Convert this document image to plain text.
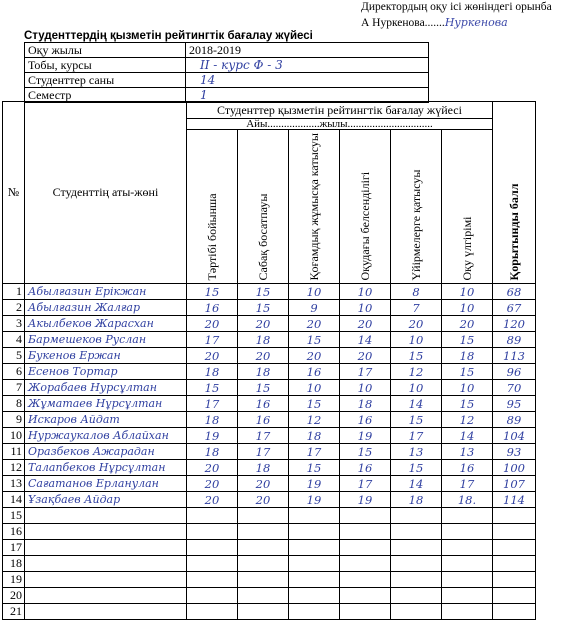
Директордың оқу ісі жөніндегі орынба
А Нуркенова.......Нуркенова
Студенттердің қызметін рейтингтік бағалау жүйесі
Оқу жылы	2018-2019
Тобы, курсы	II - курс Ф - 3
Студенттер саны	14
Семестр	1
№	Студенттің аты-жөні	Студенттер қызметін рейтингтік бағалау жүйесі						Қорытынды балл
		Айы...................жылы...............................						
		Тәртібі бойынша	Сабақ босатпауы	Қоғамдық жұмысқа катысуы	Оқудағы белсенділігі	Үйірмелерге қатысуы	Оқу үлгірімі	
1	Абылғазин Ерікжан	15	15	10	10	8	10	68
2	Абылғазин Жалғар	16	15	9	10	7	10	67
3	Акылбеков Жарасхан	20	20	20	20	20	20	120
4	Бармешеков Руслан	17	18	15	14	10	15	89
5	Букенов Ержан	20	20	20	20	15	18	113
6	Есенов Тортар	18	18	16	17	12	15	96
7	Жорабаев Нурсұлтан	15	15	10	10	10	10	70
8	Жұматаев Нұрсұлтан	17	16	15	18	14	15	95
9	Искаров Айдат	18	16	12	16	15	12	89
10	Нуржаукалов Аблайхан	19	17	18	19	17	14	104
11	Оразбеков Ажарадан	18	17	17	15	13	13	93
12	Талапбеков Нұрсұлтан	20	18	15	16	15	16	100
13	Сағатанов Ерланулан	20	20	19	17	14	17	107
14	Ұзақбаев Айдар	20	20	19	19	18	18.	114
15								
16								
17								
18								
19								
20								
21								
